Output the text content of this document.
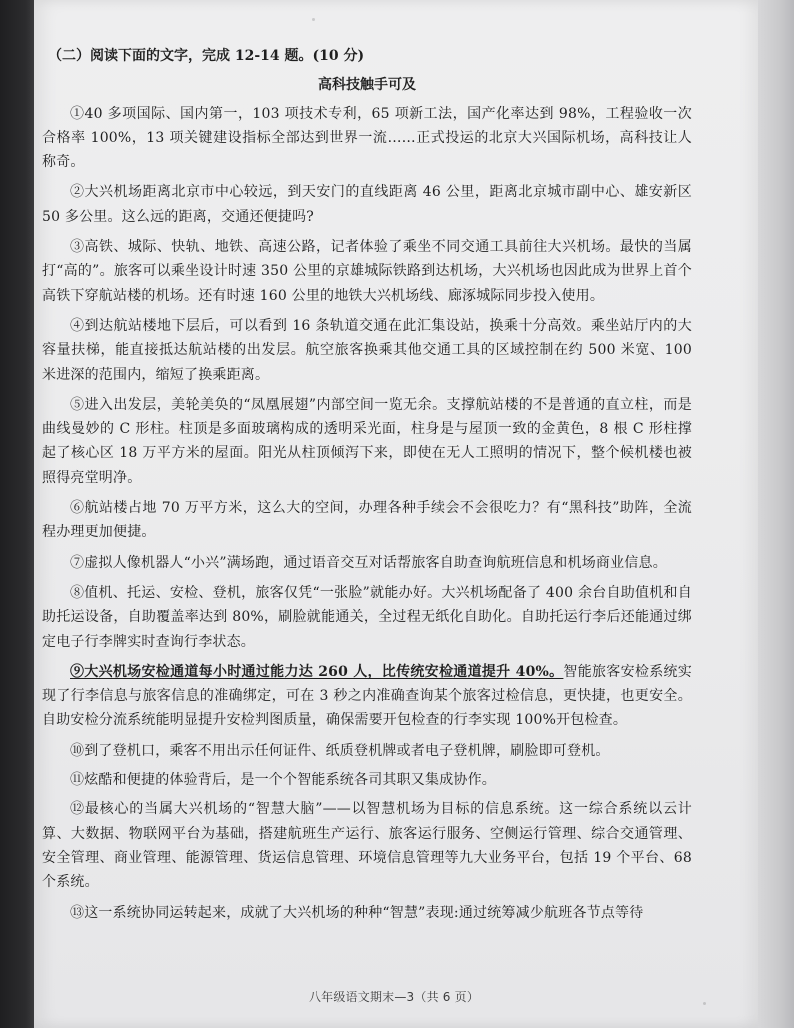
（二）阅读下面的文字，完成 12-14 题。(10 分)
高科技触手可及

①40 多项国际、国内第一，103 项技术专利，65 项新工法，国产化率达到 98%，工程验收一次合格率 100%，13 项关键建设指标全部达到世界一流……正式投运的北京大兴国际机场，高科技让人称奇。

②大兴机场距离北京市中心较远，到天安门的直线距离 46 公里，距离北京城市副中心、雄安新区 50 多公里。这么远的距离，交通还便捷吗?

③高铁、城际、快轨、地铁、高速公路，记者体验了乘坐不同交通工具前往大兴机场。最快的当属打“高的”。旅客可以乘坐设计时速 350 公里的京雄城际铁路到达机场，大兴机场也因此成为世界上首个高铁下穿航站楼的机场。还有时速 160 公里的地铁大兴机场线、廊涿城际同步投入使用。

④到达航站楼地下层后，可以看到 16 条轨道交通在此汇集设站，换乘十分高效。乘坐站厅内的大容量扶梯，能直接抵达航站楼的出发层。航空旅客换乘其他交通工具的区域控制在约 500 米宽、100 米进深的范围内，缩短了换乘距离。

⑤进入出发层，美轮美奂的“凤凰展翅”内部空间一览无余。支撑航站楼的不是普通的直立柱，而是曲线曼妙的 C 形柱。柱顶是多面玻璃构成的透明采光面，柱身是与屋顶一致的金黄色，8 根 C 形柱撑起了核心区 18 万平方米的屋面。阳光从柱顶倾泻下来，即使在无人工照明的情况下，整个候机楼也被照得亮堂明净。

⑥航站楼占地 70 万平方米，这么大的空间，办理各种手续会不会很吃力？有“黑科技”助阵，全流程办理更加便捷。

⑦虚拟人像机器人“小兴”满场跑，通过语音交互对话帮旅客自助查询航班信息和机场商业信息。

⑧值机、托运、安检、登机，旅客仅凭“一张脸”就能办好。大兴机场配备了 400 余台自助值机和自助托运设备，自助覆盖率达到 80%，刷脸就能通关，全过程无纸化自助化。自助托运行李后还能通过绑定电子行李牌实时查询行李状态。

⑨大兴机场安检通道每小时通过能力达 260 人，比传统安检通道提升 40%。智能旅客安检系统实现了行李信息与旅客信息的准确绑定，可在 3 秒之内准确查询某个旅客过检信息，更快捷，也更安全。自助安检分流系统能明显提升安检判图质量，确保需要开包检查的行李实现 100%开包检查。

⑩到了登机口，乘客不用出示任何证件、纸质登机牌或者电子登机牌，刷脸即可登机。

⑪炫酷和便捷的体验背后，是一个个智能系统各司其职又集成协作。

⑫最核心的当属大兴机场的“智慧大脑”——以智慧机场为目标的信息系统。这一综合系统以云计算、大数据、物联网平台为基础，搭建航班生产运行、旅客运行服务、空侧运行管理、综合交通管理、安全管理、商业管理、能源管理、货运信息管理、环境信息管理等九大业务平台，包括 19 个平台、68 个系统。

⑬这一系统协同运转起来，成就了大兴机场的种种“智慧”表现:通过统筹减少航班各节点等待

八年级语文期末—3（共 6 页）
